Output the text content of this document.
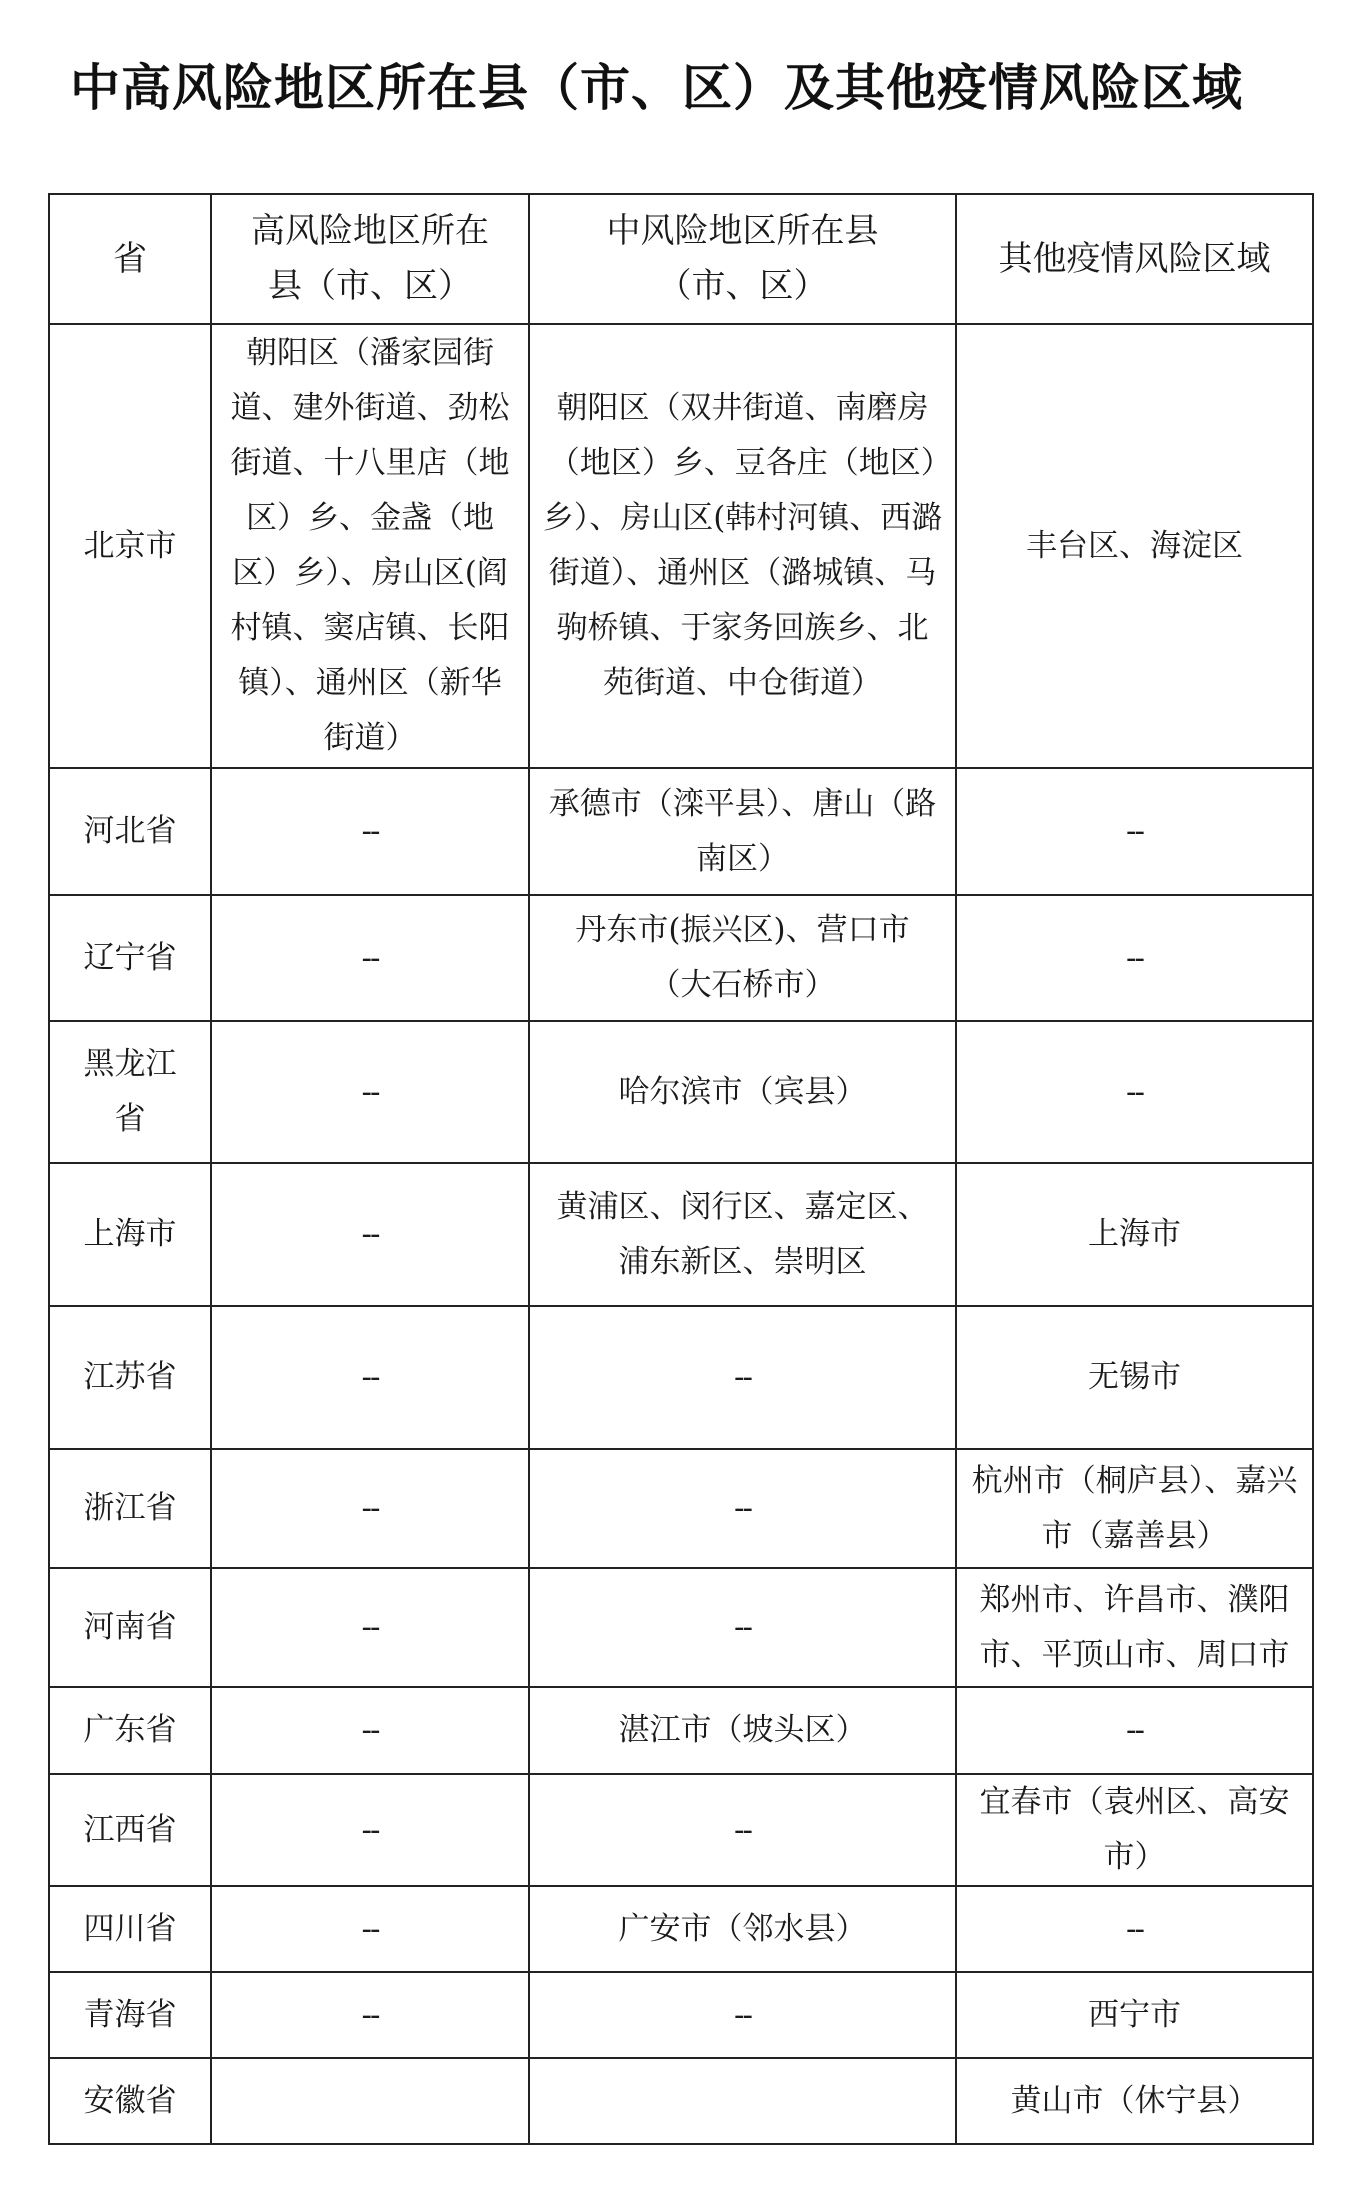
中高风险地区所在县（市、区）及其他疫情风险区域
省	高风险地区所在县（市、区）	中风险地区所在县（市、区）	其他疫情风险区域
北京市	朝阳区（潘家园街道、建外街道、劲松街道、十八里店（地区）乡、金盏（地区）乡）、房山区(阎村镇、窦店镇、长阳镇）、通州区（新华街道）	朝阳区（双井街道、南磨房（地区）乡、豆各庄（地区）乡）、房山区(韩村河镇、西潞街道）、通州区（潞城镇、马驹桥镇、于家务回族乡、北苑街道、中仓街道）	丰台区、海淀区
河北省	--	承德市（滦平县）、唐山（路南区）	--
辽宁省	--	丹东市(振兴区)、营口市（大石桥市）	--
黑龙江省	--	哈尔滨市（宾县）	--
上海市	--	黄浦区、闵行区、嘉定区、浦东新区、崇明区	上海市
江苏省	--	--	无锡市
浙江省	--	--	杭州市（桐庐县）、嘉兴市（嘉善县）
河南省	--	--	郑州市、许昌市、濮阳市、平顶山市、周口市
广东省	--	湛江市（坡头区）	--
江西省	--	--	宜春市（袁州区、高安市）
四川省	--	广安市（邻水县）	--
青海省	--	--	西宁市
安徽省			黄山市（休宁县）
